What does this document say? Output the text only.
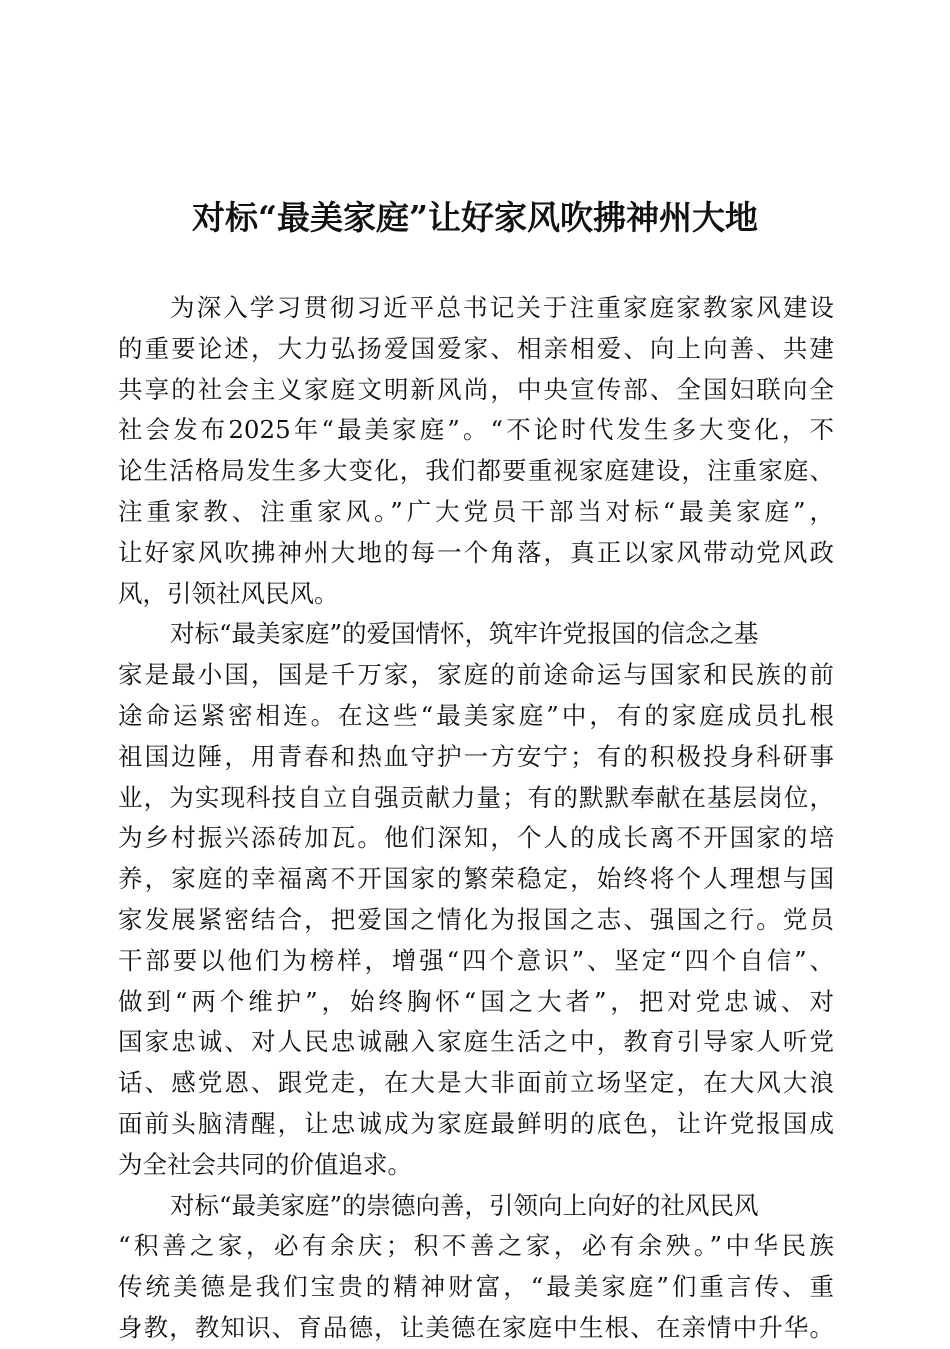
对标“最美家庭”让好家风吹拂神州大地
为深入学习贯彻习近平总书记关于注重家庭家教家风建设
的重要论述，大力弘扬爱国爱家、相亲相爱、向上向善、共建
共享的社会主义家庭文明新风尚，中央宣传部、全国妇联向全
社会发布2025年“最美家庭”。“不论时代发生多大变化，不
论生活格局发生多大变化，我们都要重视家庭建设，注重家庭、
注重家教、注重家风。”广大党员干部当对标“最美家庭”，
让好家风吹拂神州大地的每一个角落，真正以家风带动党风政
风，引领社风民风。
对标“最美家庭”的爱国情怀，筑牢许党报国的信念之基
家是最小国，国是千万家，家庭的前途命运与国家和民族的前
途命运紧密相连。在这些“最美家庭”中，有的家庭成员扎根
祖国边陲，用青春和热血守护一方安宁；有的积极投身科研事
业，为实现科技自立自强贡献力量；有的默默奉献在基层岗位，
为乡村振兴添砖加瓦。他们深知，个人的成长离不开国家的培
养，家庭的幸福离不开国家的繁荣稳定，始终将个人理想与国
家发展紧密结合，把爱国之情化为报国之志、强国之行。党员
干部要以他们为榜样，增强“四个意识”、坚定“四个自信”、
做到“两个维护”，始终胸怀“国之大者”，把对党忠诚、对
国家忠诚、对人民忠诚融入家庭生活之中，教育引导家人听党
话、感党恩、跟党走，在大是大非面前立场坚定，在大风大浪
面前头脑清醒，让忠诚成为家庭最鲜明的底色，让许党报国成
为全社会共同的价值追求。
对标“最美家庭”的崇德向善，引领向上向好的社风民风
“积善之家，必有余庆；积不善之家，必有余殃。”中华民族
传统美德是我们宝贵的精神财富，“最美家庭”们重言传、重
身教，教知识、育品德，让美德在家庭中生根、在亲情中升华。
